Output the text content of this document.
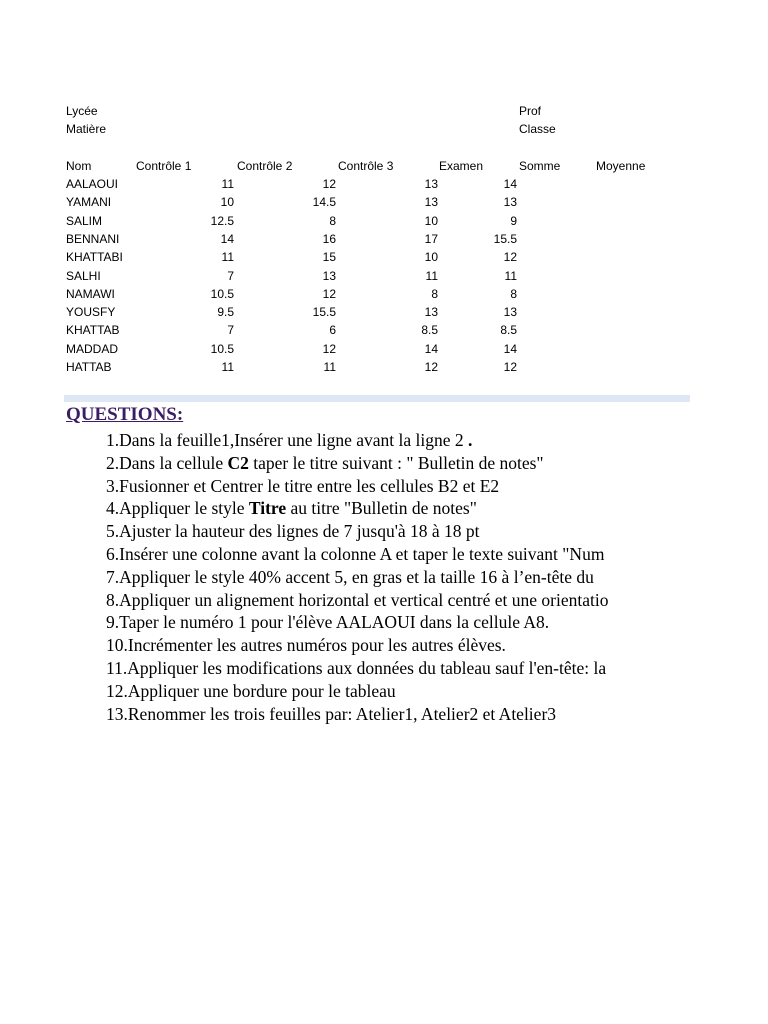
Lycée
Matière
Prof
Classe
Nom	Contrôle 1	Contrôle 2	Contrôle 3	Examen	Somme	Moyenne
AALAOUI	11	12	13	14
YAMANI	10	14.5	13	13
SALIM	12.5	8	10	9
BENNANI	14	16	17	15.5
KHATTABI	11	15	10	12
SALHI	7	13	11	11
NAMAWI	10.5	12	8	8
YOUSFY	9.5	15.5	13	13
KHATTAB	7	6	8.5	8.5
MADDAD	10.5	12	14	14
HATTAB	11	11	12	12
QUESTIONS:
1.Dans la feuille1,Insérer une ligne avant la ligne 2 .
2.Dans la cellule C2 taper le titre suivant : " Bulletin de notes"
3.Fusionner et Centrer le titre entre les cellules B2 et E2
4.Appliquer le style Titre au titre "Bulletin de notes"
5.Ajuster la hauteur des lignes de 7 jusqu'à 18 à 18 pt
6.Insérer une colonne avant la colonne A et taper le texte suivant "Num
7.Appliquer le style 40% accent 5, en gras et la taille 16 à l’en-tête du
8.Appliquer un alignement horizontal et vertical centré et une orientatio
9.Taper le numéro 1 pour l'élève AALAOUI dans la cellule A8.
10.Incrémenter les autres numéros pour les autres élèves.
11.Appliquer les modifications aux données du tableau sauf l'en-tête: la
12.Appliquer une bordure pour le tableau
13.Renommer les trois feuilles par: Atelier1, Atelier2 et Atelier3
